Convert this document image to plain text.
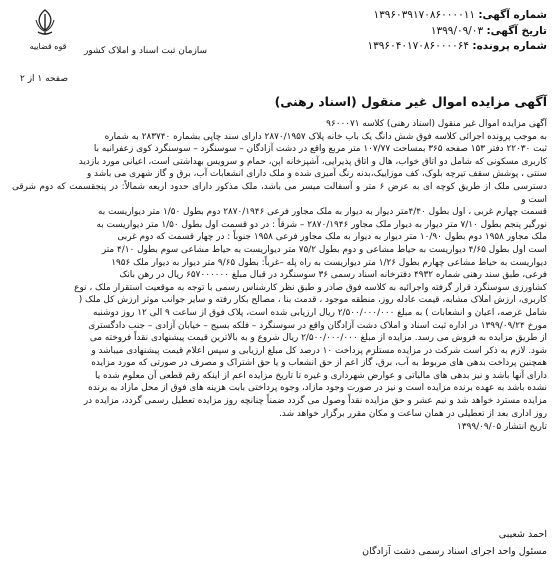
شماره آگهی: ۱۳۹۶۰۳۹۱۷۰۸۶۰۰۰۰۱۱
تاریخ آگهی: ۱۳۹۹/۰۹/۰۳
شماره پرونده: ۱۳۹۶۰۴۰۱۷۰۸۶۰۰۰۰۶۴
قوه قضاییه	سازمان ثبت اسناد و املاک کشور
صفحه ۱ از ۲
آگهی مزایده اموال غیر منقول (اسناد رهنی)
آگهی مزایده اموال غیر منقول (اسناد رهنی) کلاسه ۹۶۰۰۰۷۱
به موجب پرونده اجرائی کلاسه فوق شش دانگ یک باب خانه پلاک ۲۸۷۰/۱۹۵۷ دارای سند چاپی بشماره ۲۸۳۷۴۰ به شماره
ثبت ۲۲۰۳۰ دفتر ۱۵۳ صفحه ۳۶۵ بمساحت ۱۰۷/۷۷ متر مربع واقع در دشت آزادگان – سوسنگرد – سوسنگرد کوی زعفرانیه با
کاربری مسکونی که شامل دو اتاق خواب، هال و اتاق پذیرایی، آشپزخانه اپن، حمام و سرویس بهداشتی است، اعیانی مورد بازدید
سنتی ، پوشش سقف تیرچه بلوک، کف موزاییک،بدنه رنگ آمیزی شده و ملک دارای انشعابات آب، برق و گاز شهری می باشد و
دسترسی ملک از طریق کوچه ای به عرض ۶ متر و آسفالت میسر می باشد، ملک مذکور دارای حدود اربعه شمالاً: در پنجقسمت که دوم شرقی است و
قسمت چهارم غربی ، اول بطول ۴/۴۰متر دیوار به دیوار به ملک مجاور فرعی ۲۸۷۰/۱۹۴۶ دوم بطول ۱/۵۰ متر دیواریست به
نورگیر پنجم بطول ۷/۱۰ متر دیوار به دیوار ملک مجاور ۲۸۷۰/۱۹۴۶ – شرقاً : در دو قسمت اول بطول ۱/۵۰ متر دیواریست به
ملک مجاور ۱۹۵۸ دوم بطول ۱۰/۹۰ متر دیوار به دیوار به ملک مجاور فرعی ۱۹۵۸ جنوباً : در چهار قسمت که دوم غربی
است اول بطول ۴/۶۵ دیواریست به حیاط مشاعی و دوم بطول ۷۵/۲ متر دیواریست به حیاط مشاعی سوم بطول ۴/۱۰ متر
دیواریست به حیاط مشاعی چهارم بطول ۱/۲۶ متر دیواریست به راه پله –غرباً: بطول ۹/۶۵ متر دیوار به دیوار ملک ۱۹۵۶
فرعی، طبق سند رهنی شماره ۴۹۳۲ دفترخانه اسناد رسمی ۳۶ سوسنگرد در قبال مبلغ ۶۵۷۰۰۰۰۰۰ ریال در رهن بانک
کشاورزی سوسنگرد قرار گرفته واجرائیه به کلاسه فوق صادر و طبق نظر کارشناس رسمی با توجه به موقعیت استقرار ملک ، نوع
کاربری، ارزش املاک مشابه، قیمت عادله روز، منطقه موجود ، قدمت بنا ، مصالح بکار رفته و سایر جوانب موثر ارزش کل ملک (
شامل عرصه، اعیان و انشعابات ) به مبلغ ۲/۵۰۰/۰۰۰/۰۰۰ ریال ارزیابی شده است، پلاک فوق از ساعت ۹ الی ۱۲ روز دوشنبه
مورخ ۱۳۹۹/۰۹/۲۴ در اداره ثبت اسناد و املاک دشت آزادگان واقع در سوسنگرد – فلکه بسیج – خیابان آزادی – جنب دادگستری
از طریق مزایده به فروش می رسد. مزایده از مبلغ ۲/۵۰۰/۰۰۰/۰۰۰ ریال شروع و به بالاترین قیمت پیشنهادی نقداً فروخته می
شود. لازم به ذکر است شرکت در مزایده مستلزم پرداخت ۱۰ درصد کل مبلغ ارزیابی و سپس اعلام قیمت پیشنهادی میباشد و
همچنین پرداخت بدهی های مربوط به آب، برق، گاز اعم از حق انشعاب و یا حق اشتراک و مصرف در صورتی که مورد مزایده
دارای آنها باشد و نیز بدهی های مالیاتی و عوارض شهرداری و غیره تا تاریخ مزایده اعم از اینکه رقم قطعی آن معلوم شده یا
نشده باشد به عهده برنده مزایده است و نیز در صورت وجود مازاد، وجوه پرداختی بابت هزینه های فوق از محل مازاد به برنده
مزایده مسترد خواهد شد و نیم عشر و حق مزایده نقداً وصول می گردد ضمناً چنانچه روز مزایده تعطیل رسمی گردد، مزایده در
روز اداری بعد از تعطیلی در همان ساعت و مکان مقرر برگزار خواهد شد.
تاریخ انتشار ۱۳۹۹/۰۹/۰۵
احمد شعیبی
مسئول واحد اجرای اسناد رسمی دشت آزادگان
